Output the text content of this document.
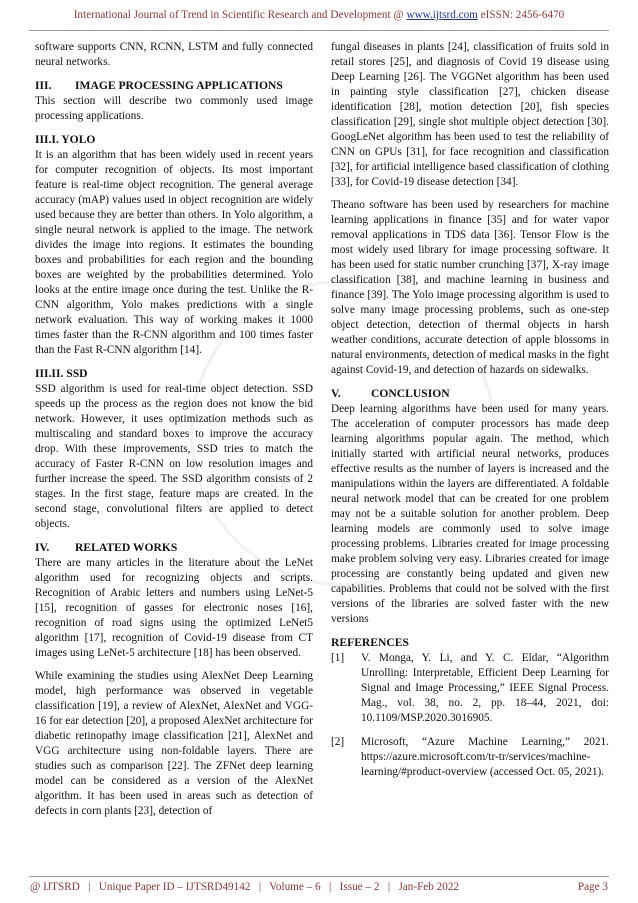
International Journal of Trend in Scientific Research and Development @ www.ijtsrd.com eISSN: 2456-6470

software supports CNN, RCNN, LSTM and fully connected neural networks.

III. IMAGE PROCESSING APPLICATIONS

This section will describe two commonly used image processing applications.

III.I. YOLO

It is an algorithm that has been widely used in recent years for computer recognition of objects. Its most important feature is real-time object recognition. The general average accuracy (mAP) values used in object recognition are widely used because they are better than others. In Yolo algorithm, a single neural network is applied to the image. The network divides the image into regions. It estimates the bounding boxes and probabilities for each region and the bounding boxes are weighted by the probabilities determined. Yolo looks at the entire image once during the test. Unlike the R-CNN algorithm, Yolo makes predictions with a single network evaluation. This way of working makes it 1000 times faster than the R-CNN algorithm and 100 times faster than the Fast R-CNN algorithm [14].

III.II. SSD

SSD algorithm is used for real-time object detection. SSD speeds up the process as the region does not know the bid network. However, it uses optimization methods such as multiscaling and standard boxes to improve the accuracy drop. With these improvements, SSD tries to match the accuracy of Faster R-CNN on low resolution images and further increase the speed. The SSD algorithm consists of 2 stages. In the first stage, feature maps are created. In the second stage, convolutional filters are applied to detect objects.

IV. RELATED WORKS

There are many articles in the literature about the LeNet algorithm used for recognizing objects and scripts. Recognition of Arabic letters and numbers using LeNet-5 [15], recognition of gasses for electronic noses [16], recognition of road signs using the optimized LeNet5 algorithm [17], recognition of Covid-19 disease from CT images using LeNet-5 architecture [18] has been observed.

While examining the studies using AlexNet Deep Learning model, high performance was observed in vegetable classification [19], a review of AlexNet, AlexNet and VGG-16 for ear detection [20], a proposed AlexNet architecture for diabetic retinopathy image classification [21], AlexNet and VGG architecture using non-foldable layers. There are studies such as comparison [22]. The ZFNet deep learning model can be considered as a version of the AlexNet algorithm. It has been used in areas such as detection of defects in corn plants [23], detection of

fungal diseases in plants [24], classification of fruits sold in retail stores [25], and diagnosis of Covid 19 disease using Deep Learning [26]. The VGGNet algorithm has been used in painting style classification [27], chicken disease identification [28], motion detection [20], fish species classification [29], single shot multiple object detection [30]. GoogLeNet algorithm has been used to test the reliability of CNN on GPUs [31], for face recognition and classification [32], for artificial intelligence based classification of clothing [33], for Covid-19 disease detection [34].

Theano software has been used by researchers for machine learning applications in finance [35] and for water vapor removal applications in TDS data [36]. Tensor Flow is the most widely used library for image processing software. It has been used for static number crunching [37], X-ray image classification [38], and machine learning in business and finance [39]. The Yolo image processing algorithm is used to solve many image processing problems, such as one-step object detection, detection of thermal objects in harsh weather conditions, accurate detection of apple blossoms in natural environments, detection of medical masks in the fight against Covid-19, and detection of hazards on sidewalks.

V.	CONCLUSION

Deep learning algorithms have been used for many years. The acceleration of computer processors has made deep learning algorithms popular again. The method, which initially started with artificial neural networks, produces effective results as the number of layers is increased and the manipulations within the layers are differentiated. A foldable neural network model that can be created for one problem may not be a suitable solution for another problem. Deep learning models are commonly used to solve image processing problems. Libraries created for image processing make problem solving very easy. Libraries created for image processing are constantly being updated and given new capabilities. Problems that could not be solved with the first versions of the libraries are solved faster with the new versions

REFERENCES
[1]	V. Monga, Y. Li, and Y. C. Eldar, “Algorithm Unrolling: Interpretable, Efficient Deep Learning for Signal and Image Processing,” IEEE Signal Process. Mag., vol. 38, no. 2, pp. 18–44, 2021, doi: 10.1109/MSP.2020.3016905.
[2]	Microsoft, “Azure Machine Learning,” 2021. https://azure.microsoft.com/tr-tr/services/machine-learning/#product-overview (accessed Oct. 05, 2021).
@ IJTSRD   |   Unique Paper ID – IJTSRD49142   |   Volume – 6   |   Issue – 2   |   Jan-Feb 2022	Page 3
